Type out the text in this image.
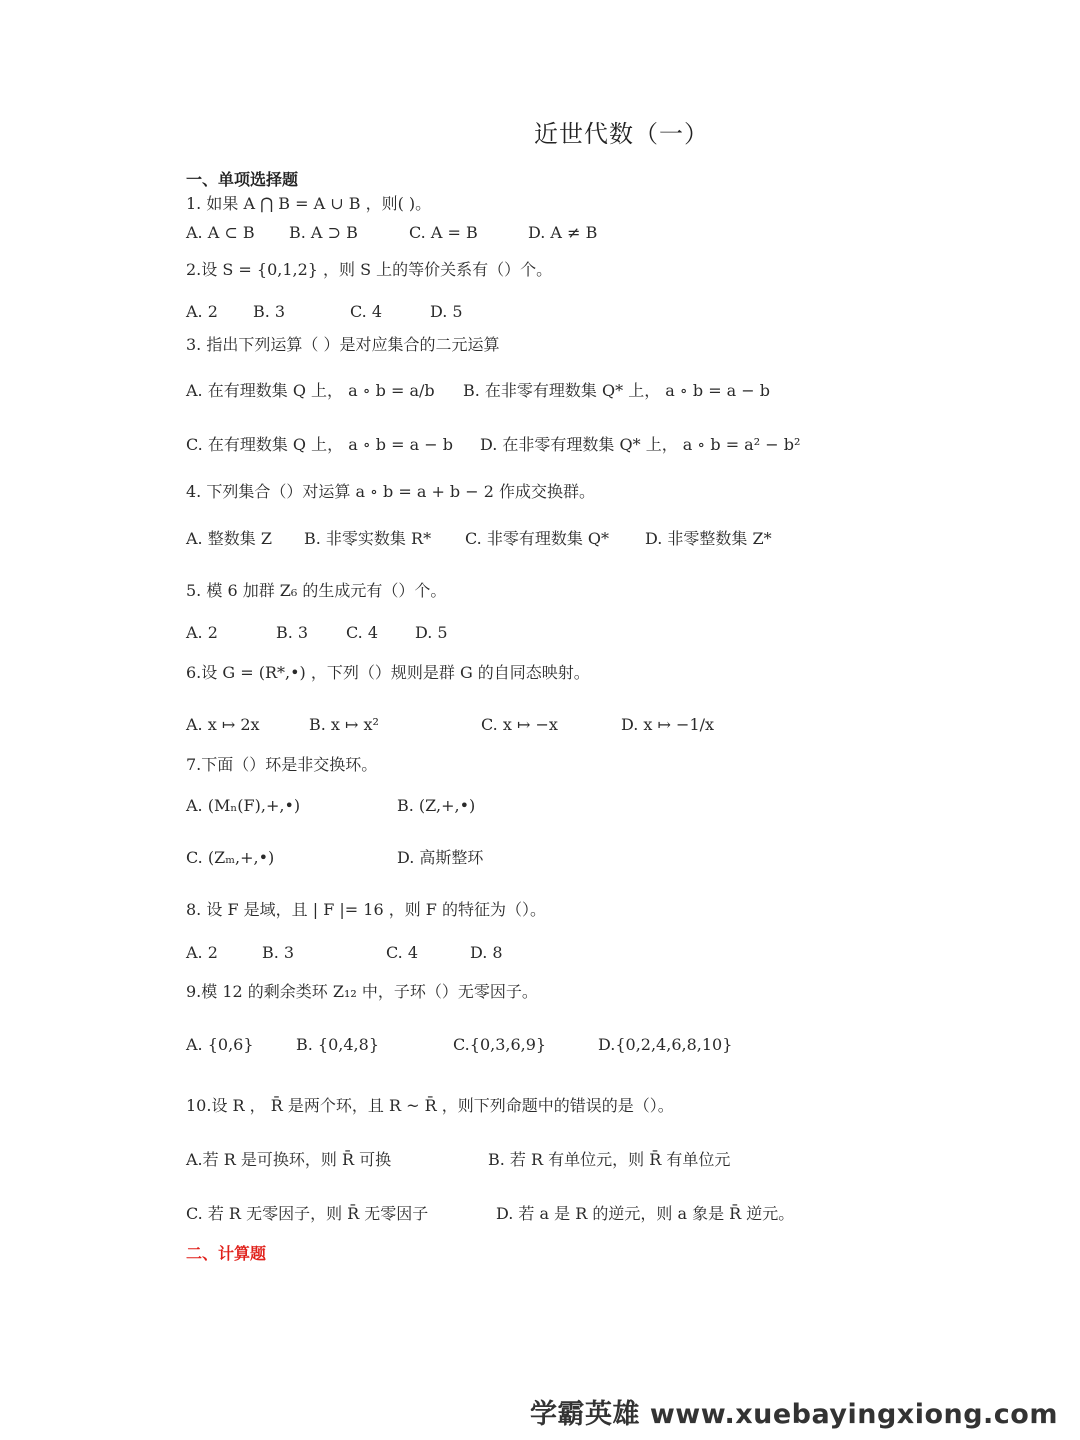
近世代数（一）
一、单项选择题
1. 如果 A ⋂ B = A ∪ B ，则( )。
A. A ⊂ B B. A ⊃ B	C. A = B	D. A ≠ B
2.设 S = {0,1,2} ，则 S 上的等价关系有（）个。
A. 2 B. 3	C. 4	D. 5
3. 指出下列运算（ ）是对应集合的二元运算
A. 在有理数集 Q 上， a ∘ b = a/b B. 在非零有理数集 Q* 上， a ∘ b = a − b
C. 在有理数集 Q 上， a ∘ b = a − b D. 在非零有理数集 Q* 上， a ∘ b = a² − b²
4. 下列集合（）对运算 a ∘ b = a + b − 2 作成交换群。
A. 整数集 Z B. 非零实数集 R* C. 非零有理数集 Q* D. 非零整数集 Z*
5. 模 6 加群 Z₆ 的生成元有（）个。
A. 2	B. 3 C. 4 D. 5
6.设 G = (R*,•) ，下列（）规则是群 G 的自同态映射。
A. x ↦ 2x	B. x ↦ x²	C. x ↦ −x	D. x ↦ −1/x
7.下面（）环是非交换环。
A. (Mₙ(F),+,•)	B. (Z,+,•)
C. (Zₘ,+,•)	D. 高斯整环
8. 设 F 是域，且 | F |= 16 ，则 F 的特征为（）。
A. 2	B. 3	C. 4	D. 8
9.模 12 的剩余类环 Z₁₂ 中，子环（）无零因子。
A. {0,6}	B. {0,4,8}	C.{0,3,6,9}	D.{0,2,4,6,8,10}
10.设 R ， R̄ 是两个环，且 R ~ R̄ ，则下列命题中的错误的是（）。
A.若 R 是可换环，则 R̄ 可换	B. 若 R 有单位元，则 R̄ 有单位元
C. 若 R 无零因子，则 R̄ 无零因子	D. 若 a 是 R 的逆元，则 a 象是 R̄ 逆元。
二、计算题
学霸英雄 www.xuebayingxiong.com
